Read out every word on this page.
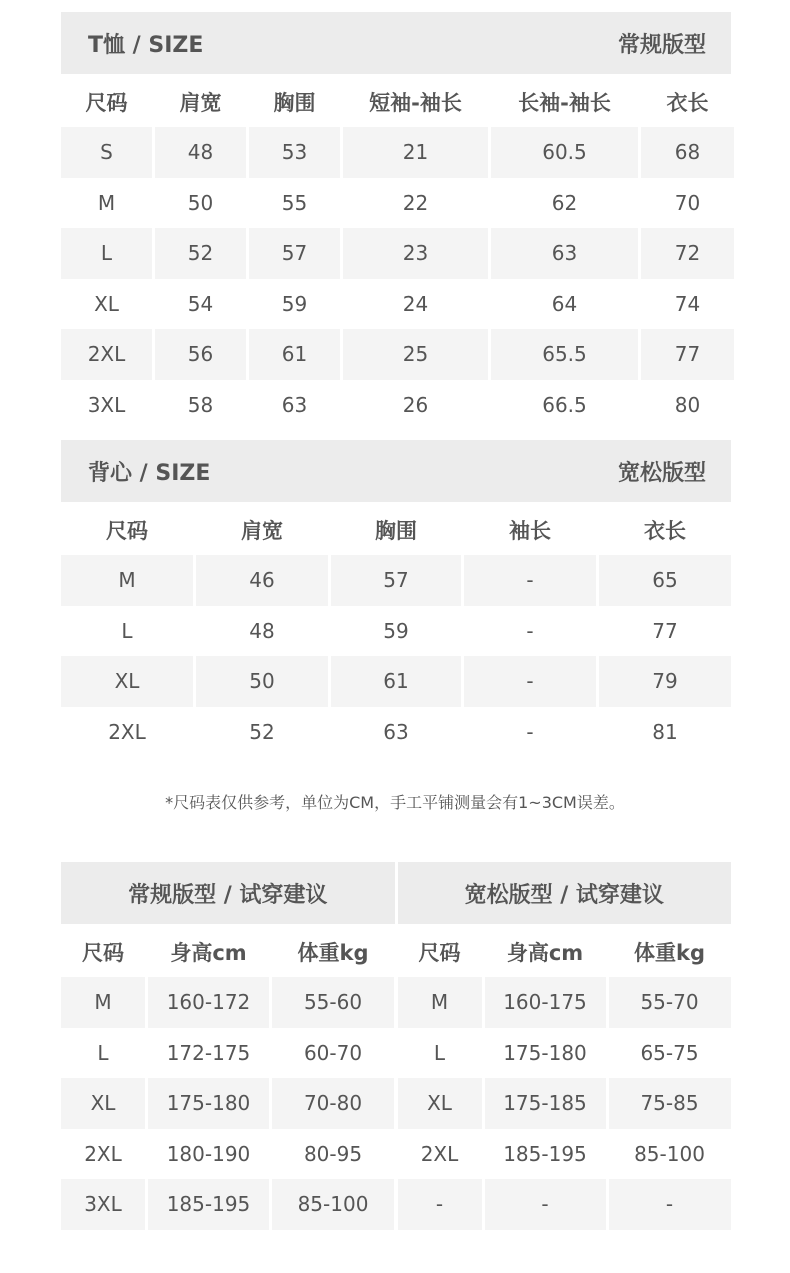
T恤 / SIZE	常规版型
尺码	肩宽	胸围	短袖-袖长	长袖-袖长	衣长
S	48	53	21	60.5	68
M	50	55	22	62	70
L	52	57	23	63	72
XL	54	59	24	64	74
2XL	56	61	25	65.5	77
3XL	58	63	26	66.5	80
背心 / SIZE	宽松版型
尺码	肩宽	胸围	袖长	衣长
M	46	57	-	65
L	48	59	-	77
XL	50	61	-	79
2XL	52	63	-	81
*尺码表仅供参考，单位为CM，手工平铺测量会有1~3CM误差。
常规版型 / 试穿建议
尺码	身高cm	体重kg
M	160-172	55-60
L	172-175	60-70
XL	175-180	70-80
2XL	180-190	80-95
3XL	185-195	85-100
宽松版型 / 试穿建议
尺码	身高cm	体重kg
M	160-175	55-70
L	175-180	65-75
XL	175-185	75-85
2XL	185-195	85-100
-	-	-
